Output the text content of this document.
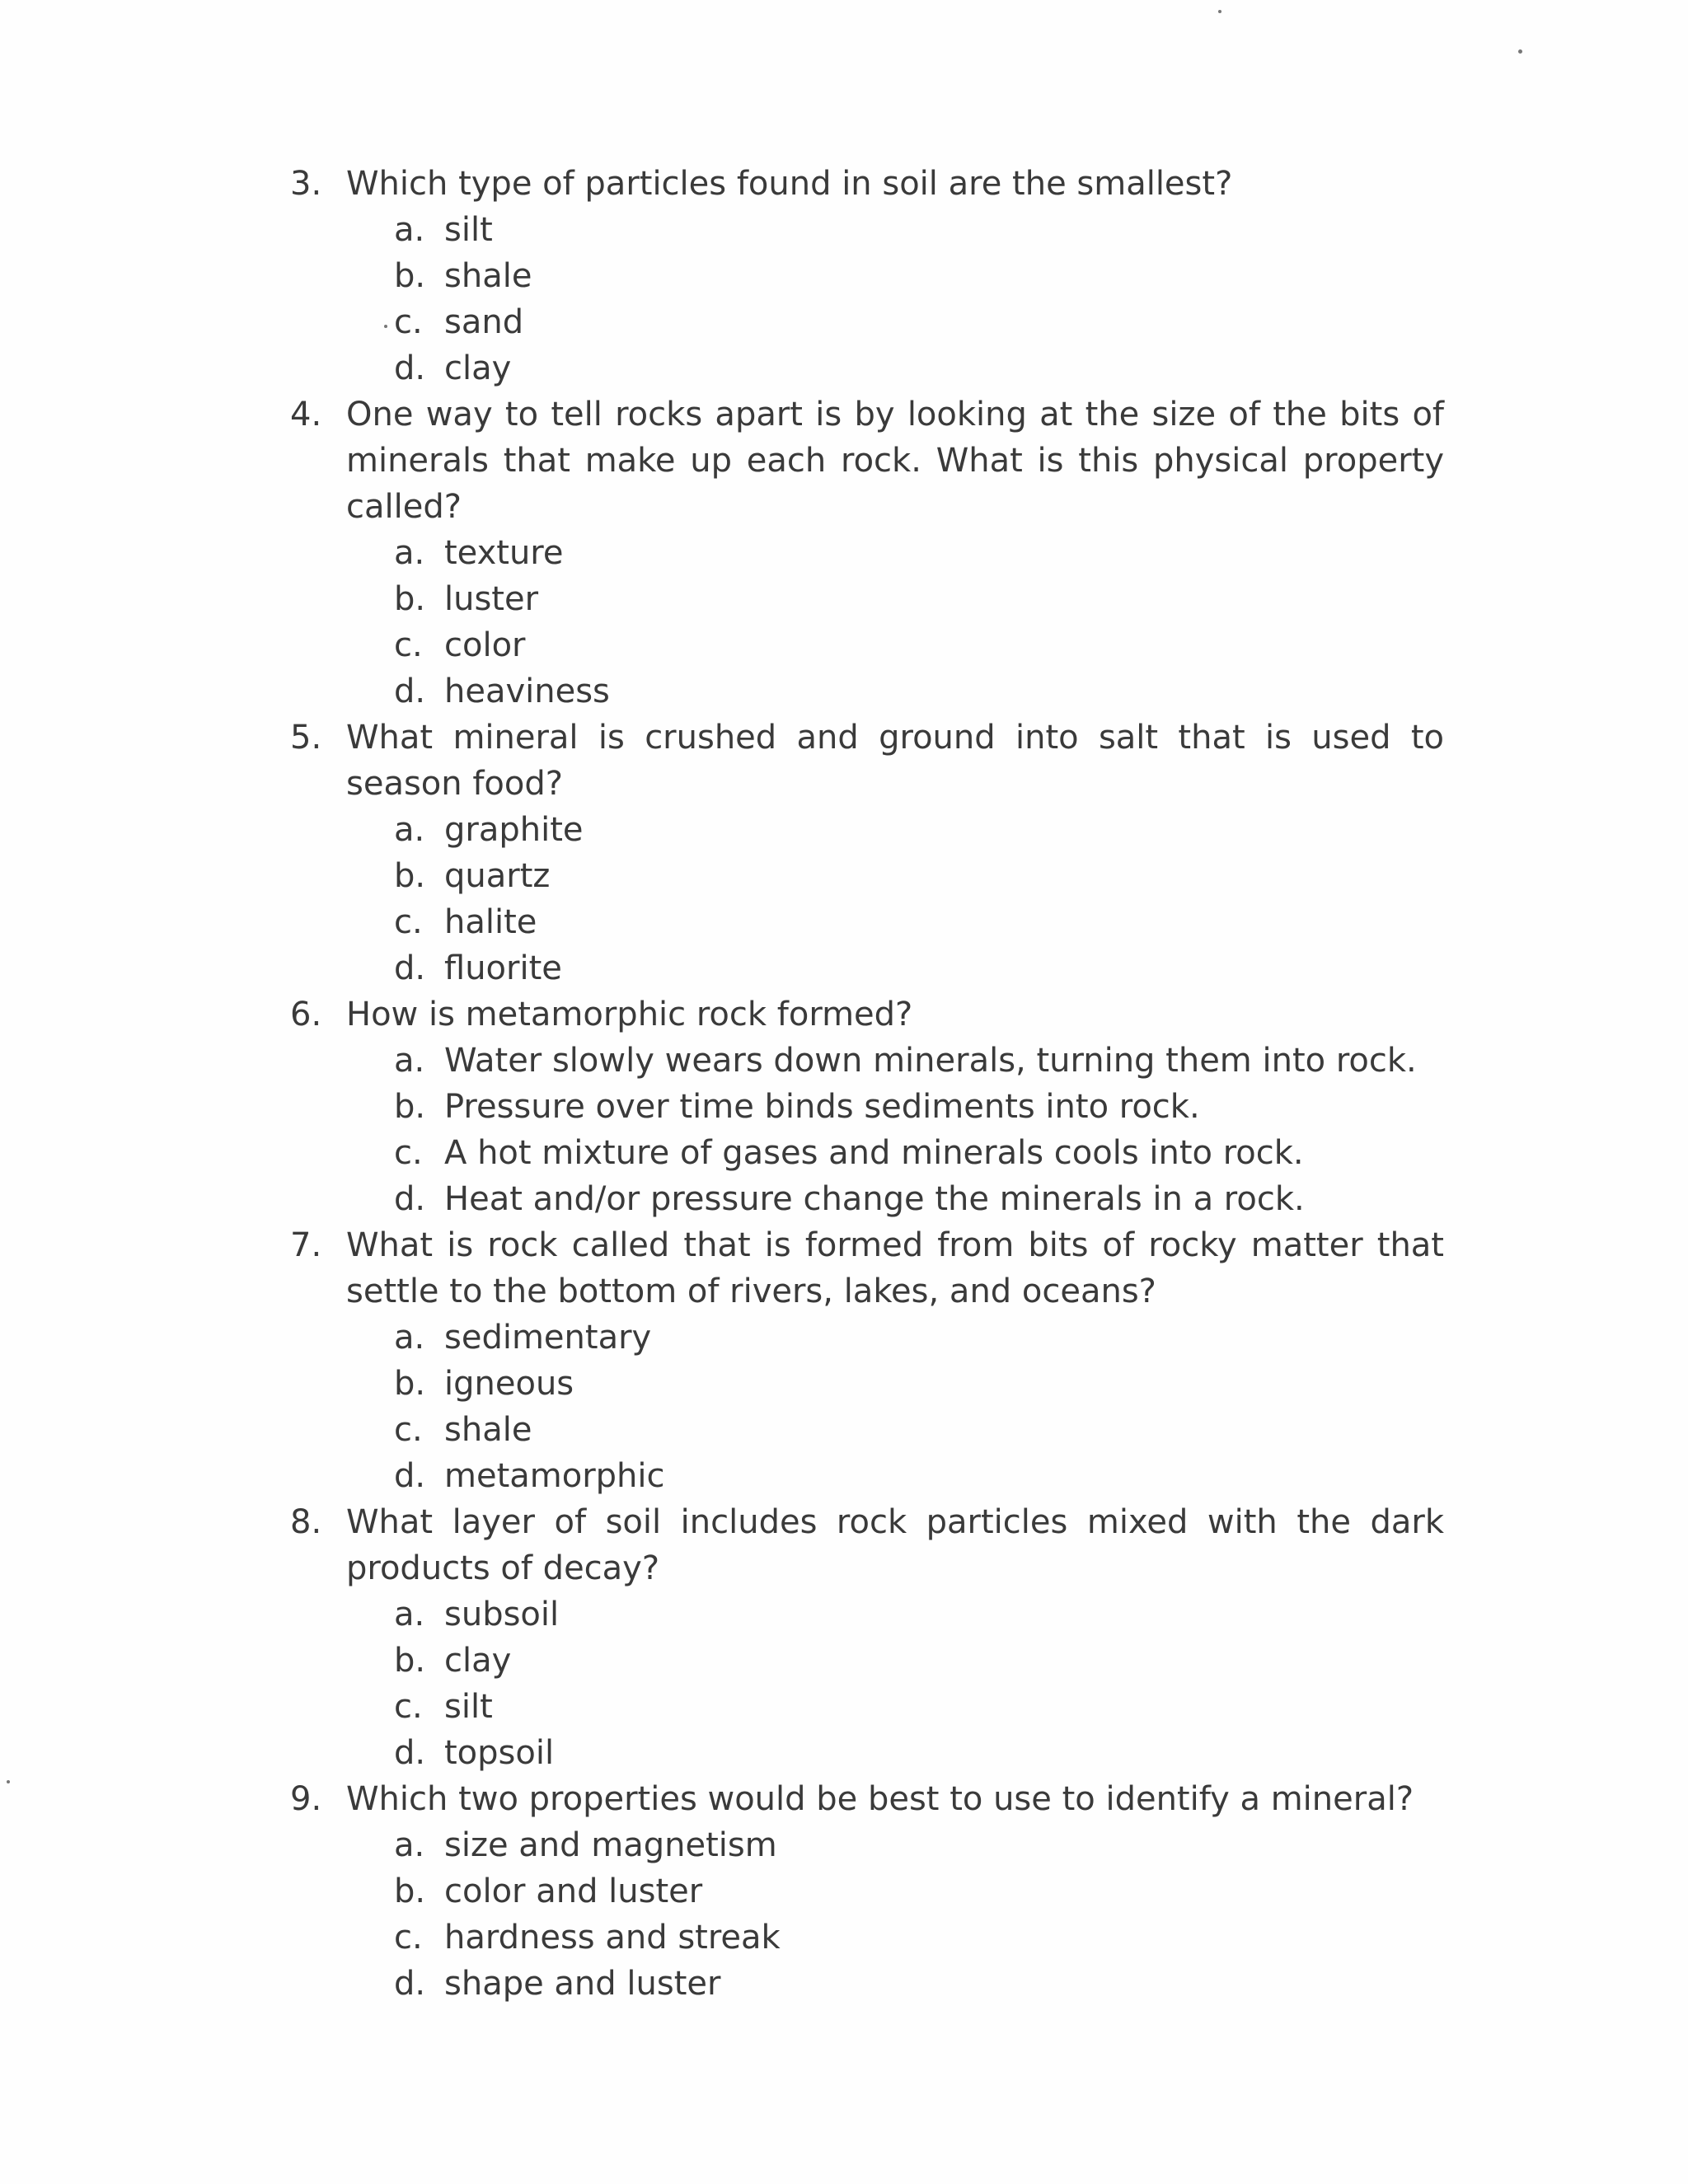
3. Which type of particles found in soil are the smallest?
a. silt
b. shale
c. sand
d. clay
4. One way to tell rocks apart is by looking at the size of the bits of minerals that make up each rock. What is this physical property called?
a. texture
b. luster
c. color
d. heaviness
5. What mineral is crushed and ground into salt that is used to season food?
a. graphite
b. quartz
c. halite
d. fluorite
6. How is metamorphic rock formed?
a. Water slowly wears down minerals, turning them into rock.
b. Pressure over time binds sediments into rock.
c. A hot mixture of gases and minerals cools into rock.
d. Heat and/or pressure change the minerals in a rock.
7. What is rock called that is formed from bits of rocky matter that settle to the bottom of rivers, lakes, and oceans?
a. sedimentary
b. igneous
c. shale
d. metamorphic
8. What layer of soil includes rock particles mixed with the dark products of decay?
a. subsoil
b. clay
c. silt
d. topsoil
9. Which two properties would be best to use to identify a mineral?
a. size and magnetism
b. color and luster
c. hardness and streak
d. shape and luster
